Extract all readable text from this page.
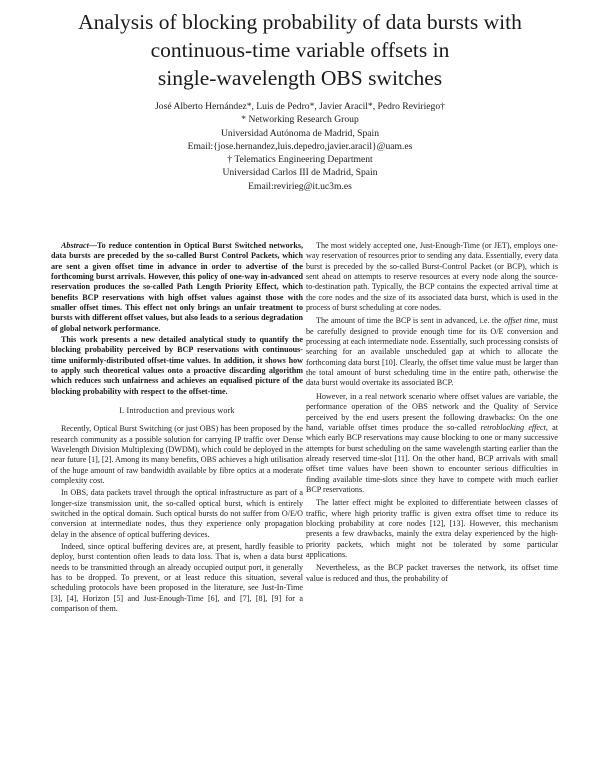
Analysis of blocking probability of data bursts with
continuous-time variable offsets in
single-wavelength OBS switches
José Alberto Hernández*, Luis de Pedro*, Javier Aracil*, Pedro Reviriego†
* Networking Research Group
Universidad Autónoma de Madrid, Spain
Email:{jose.hernandez,luis.depedro,javier.aracil}@uam.es
† Telematics Engineering Department
Universidad Carlos III de Madrid, Spain
Email:revirieg@it.uc3m.es

Abstract—To reduce contention in Optical Burst Switched networks, data bursts are preceded by the so-called Burst Control Packets, which are sent a given offset time in advance in order to advertise of the forthcoming burst arrivals. However, this policy of one-way in-advanced reservation produces the so-called Path Length Priority Effect, which benefits BCP reservations with high offset values against those with smaller offset times. This effect not only brings an unfair treatment to bursts with different offset values, but also leads to a serious degradation of global network performance.

This work presents a new detailed analytical study to quantify the blocking probability perceived by BCP reservations with continuous-time uniformly-distributed offset-time values. In addition, it shows how to apply such theoretical values onto a proactive discarding algorithm which reduces such unfairness and achieves an equalised picture of the blocking probability with respect to the offset-time.

I. Introduction and previous work

Recently, Optical Burst Switching (or just OBS) has been proposed by the research community as a possible solution for carrying IP traffic over Dense Wavelength Division Multiplexing (DWDM), which could be deployed in the near future [1], [2]. Among its many benefits, OBS achieves a high utilisation of the huge amount of raw bandwidth available by fibre optics at a moderate complexity cost.

In OBS, data packets travel through the optical infrastructure as part of a longer-size transmission unit, the so-called optical burst, which is entirely switched in the optical domain. Such optical bursts do not suffer from O/E/O conversion at intermediate nodes, thus they experience only propagation delay in the absence of optical buffering devices.

Indeed, since optical buffering devices are, at present, hardly feasible to deploy, burst contention often leads to data loss. That is, when a data burst needs to be transmitted through an already occupied output port, it generally has to be dropped. To prevent, or at least reduce this situation, several scheduling protocols have been proposed in the literature, see Just-In-Time [3], [4], Horizon [5] and Just-Enough-Time [6], and [7], [8], [9] for a comparison of them.

The most widely accepted one, Just-Enough-Time (or JET), employs one-way reservation of resources prior to sending any data. Essentially, every data burst is preceded by the so-called Burst-Control Packet (or BCP), which is sent ahead on attempts to reserve resources at every node along the source-to-destination path. Typically, the BCP contains the expected arrival time at the core nodes and the size of its associated data burst, which is used in the process of burst scheduling at core nodes.

The amount of time the BCP is sent in advanced, i.e. the offset time, must be carefully designed to provide enough time for its O/E conversion and processing at each intermediate node. Essentially, such processing consists of searching for an available unscheduled gap at which to allocate the forthcoming data burst [10]. Clearly, the offset time value must be larger than the total amount of burst scheduling time in the entire path, otherwise the data burst would overtake its associated BCP.

However, in a real network scenario where offset values are variable, the performance operation of the OBS network and the Quality of Service perceived by the end users present the following drawbacks: On the one hand, variable offset times produce the so-called retroblocking effect, at which early BCP reservations may cause blocking to one or many successive attempts for burst scheduling on the same wavelength starting earlier than the already reserved time-slot [11]. On the other hand, BCP arrivals with small offset time values have been shown to encounter serious difficulties in finding available time-slots since they have to compete with much earlier BCP reservations.

The latter effect might be exploited to differentiate between classes of traffic, where high priority traffic is given extra offset time to reduce its blocking probability at core nodes [12], [13]. However, this mechanism presents a few drawbacks, mainly the extra delay experienced by the high-priority packets, which might not be tolerated by some particular applications.

Nevertheless, as the BCP packet traverses the network, its offset time value is reduced and thus, the probability of
